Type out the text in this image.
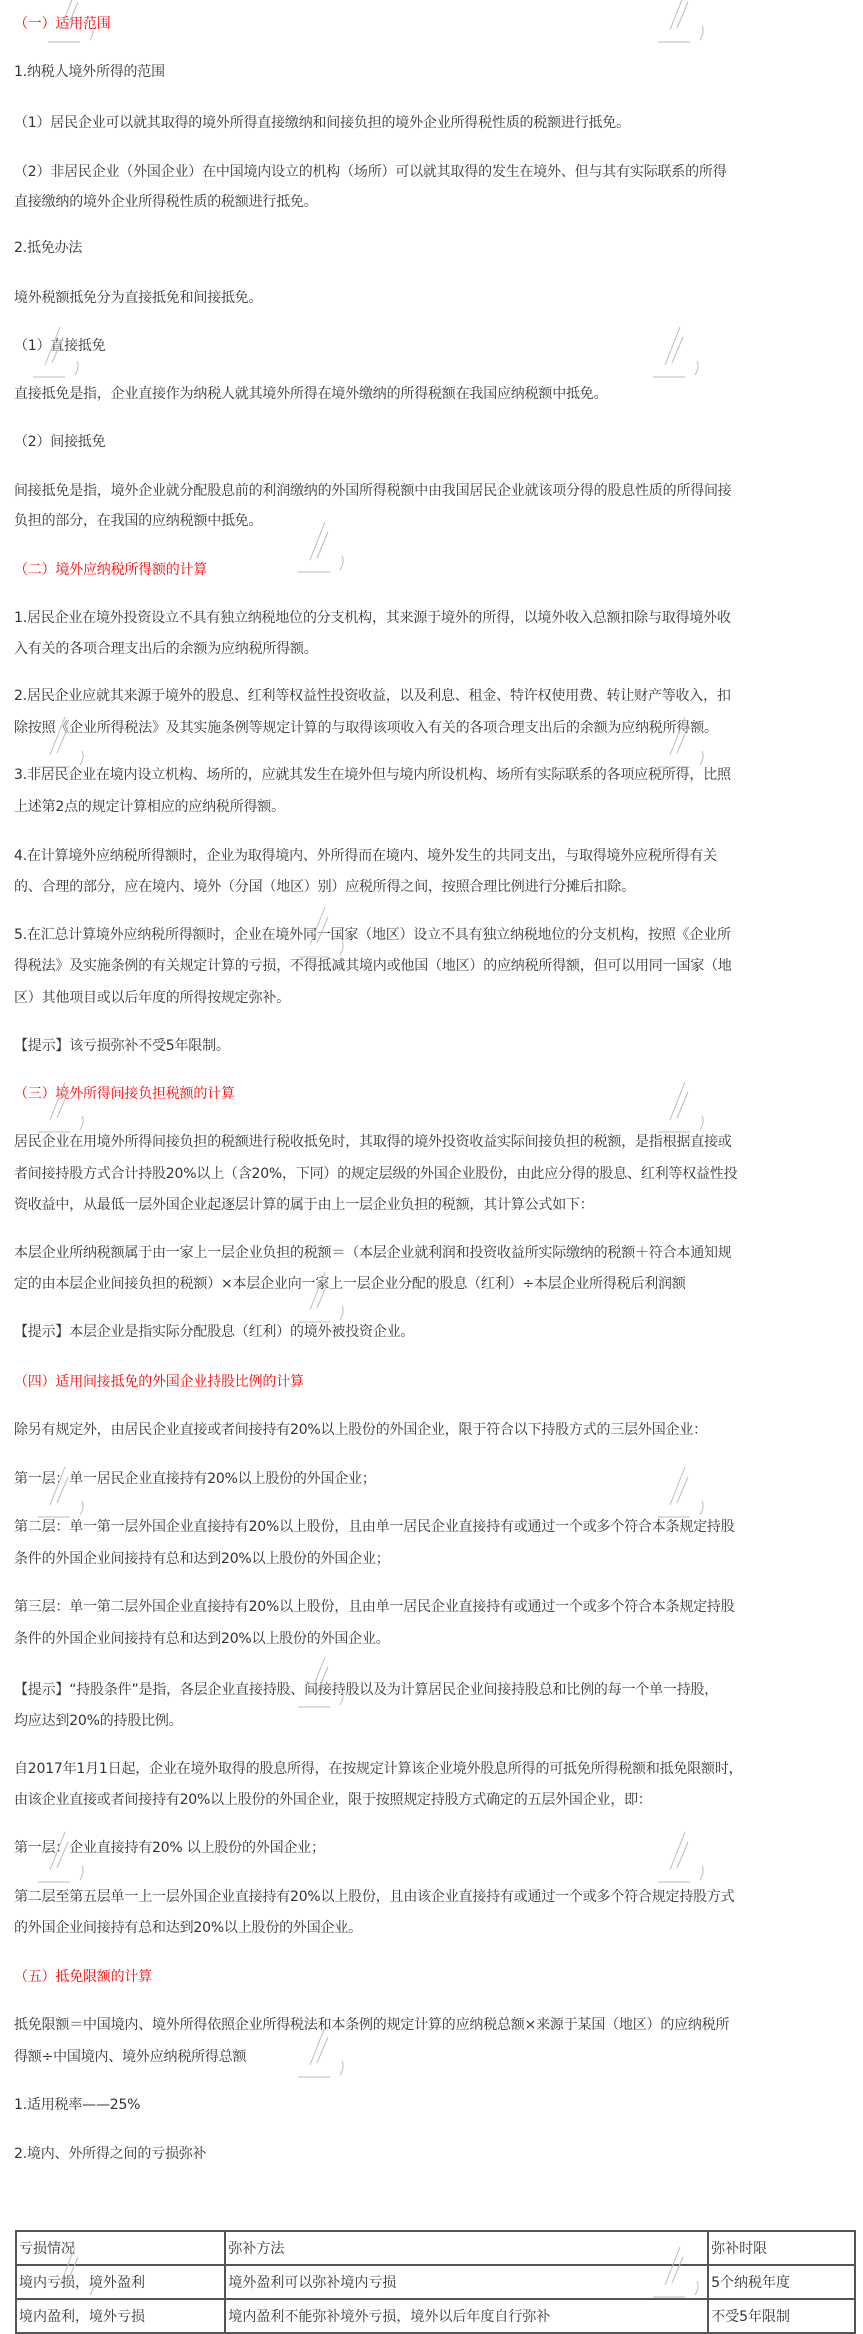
（一）适用范围
1.纳税人境外所得的范围
（1）居民企业可以就其取得的境外所得直接缴纳和间接负担的境外企业所得税性质的税额进行抵免。
（2）非居民企业（外国企业）在中国境内设立的机构（场所）可以就其取得的发生在境外、但与其有实际联系的所得
直接缴纳的境外企业所得税性质的税额进行抵免。
2.抵免办法
境外税额抵免分为直接抵免和间接抵免。
（1）直接抵免
直接抵免是指，企业直接作为纳税人就其境外所得在境外缴纳的所得税额在我国应纳税额中抵免。
（2）间接抵免
间接抵免是指，境外企业就分配股息前的利润缴纳的外国所得税额中由我国居民企业就该项分得的股息性质的所得间接
负担的部分，在我国的应纳税额中抵免。
（二）境外应纳税所得额的计算
1.居民企业在境外投资设立不具有独立纳税地位的分支机构，其来源于境外的所得，以境外收入总额扣除与取得境外收
入有关的各项合理支出后的余额为应纳税所得额。
2.居民企业应就其来源于境外的股息、红利等权益性投资收益，以及利息、租金、特许权使用费、转让财产等收入，扣
除按照《企业所得税法》及其实施条例等规定计算的与取得该项收入有关的各项合理支出后的余额为应纳税所得额。
3.非居民企业在境内设立机构、场所的，应就其发生在境外但与境内所设机构、场所有实际联系的各项应税所得，比照
上述第2点的规定计算相应的应纳税所得额。
4.在计算境外应纳税所得额时，企业为取得境内、外所得而在境内、境外发生的共同支出，与取得境外应税所得有关
的、合理的部分，应在境内、境外（分国（地区）别）应税所得之间，按照合理比例进行分摊后扣除。
5.在汇总计算境外应纳税所得额时，企业在境外同一国家（地区）设立不具有独立纳税地位的分支机构，按照《企业所
得税法》及实施条例的有关规定计算的亏损，不得抵减其境内或他国（地区）的应纳税所得额，但可以用同一国家（地
区）其他项目或以后年度的所得按规定弥补。
【提示】该亏损弥补不受5年限制。
（三）境外所得间接负担税额的计算
居民企业在用境外所得间接负担的税额进行税收抵免时，其取得的境外投资收益实际间接负担的税额，是指根据直接或
者间接持股方式合计持股20%以上（含20%，下同）的规定层级的外国企业股份，由此应分得的股息、红利等权益性投
资收益中，从最低一层外国企业起逐层计算的属于由上一层企业负担的税额，其计算公式如下：
本层企业所纳税额属于由一家上一层企业负担的税额＝（本层企业就利润和投资收益所实际缴纳的税额＋符合本通知规
定的由本层企业间接负担的税额）×本层企业向一家上一层企业分配的股息（红利）÷本层企业所得税后利润额
【提示】本层企业是指实际分配股息（红利）的境外被投资企业。
（四）适用间接抵免的外国企业持股比例的计算
除另有规定外，由居民企业直接或者间接持有20%以上股份的外国企业，限于符合以下持股方式的三层外国企业：
第一层：单一居民企业直接持有20%以上股份的外国企业；
第二层：单一第一层外国企业直接持有20%以上股份，且由单一居民企业直接持有或通过一个或多个符合本条规定持股
条件的外国企业间接持有总和达到20%以上股份的外国企业；
第三层：单一第二层外国企业直接持有20%以上股份，且由单一居民企业直接持有或通过一个或多个符合本条规定持股
条件的外国企业间接持有总和达到20%以上股份的外国企业。
【提示】“持股条件”是指，各层企业直接持股、间接持股以及为计算居民企业间接持股总和比例的每一个单一持股，
均应达到20%的持股比例。
自2017年1月1日起，企业在境外取得的股息所得，在按规定计算该企业境外股息所得的可抵免所得税额和抵免限额时，
由该企业直接或者间接持有20%以上股份的外国企业，限于按照规定持股方式确定的五层外国企业，即：
第一层：企业直接持有20% 以上股份的外国企业；
第二层至第五层单一上一层外国企业直接持有20%以上股份，且由该企业直接持有或通过一个或多个符合规定持股方式
的外国企业间接持有总和达到20%以上股份的外国企业。
（五）抵免限额的计算
抵免限额＝中国境内、境外所得依照企业所得税法和本条例的规定计算的应纳税总额×来源于某国（地区）的应纳税所
得额÷中国境内、境外应纳税所得总额
1.适用税率——25%
2.境内、外所得之间的亏损弥补
亏损情况	弥补方法	弥补时限
境内亏损，境外盈利	境外盈利可以弥补境内亏损	5个纳税年度
境内盈利，境外亏损	境内盈利不能弥补境外亏损，境外以后年度自行弥补	不受5年限制
